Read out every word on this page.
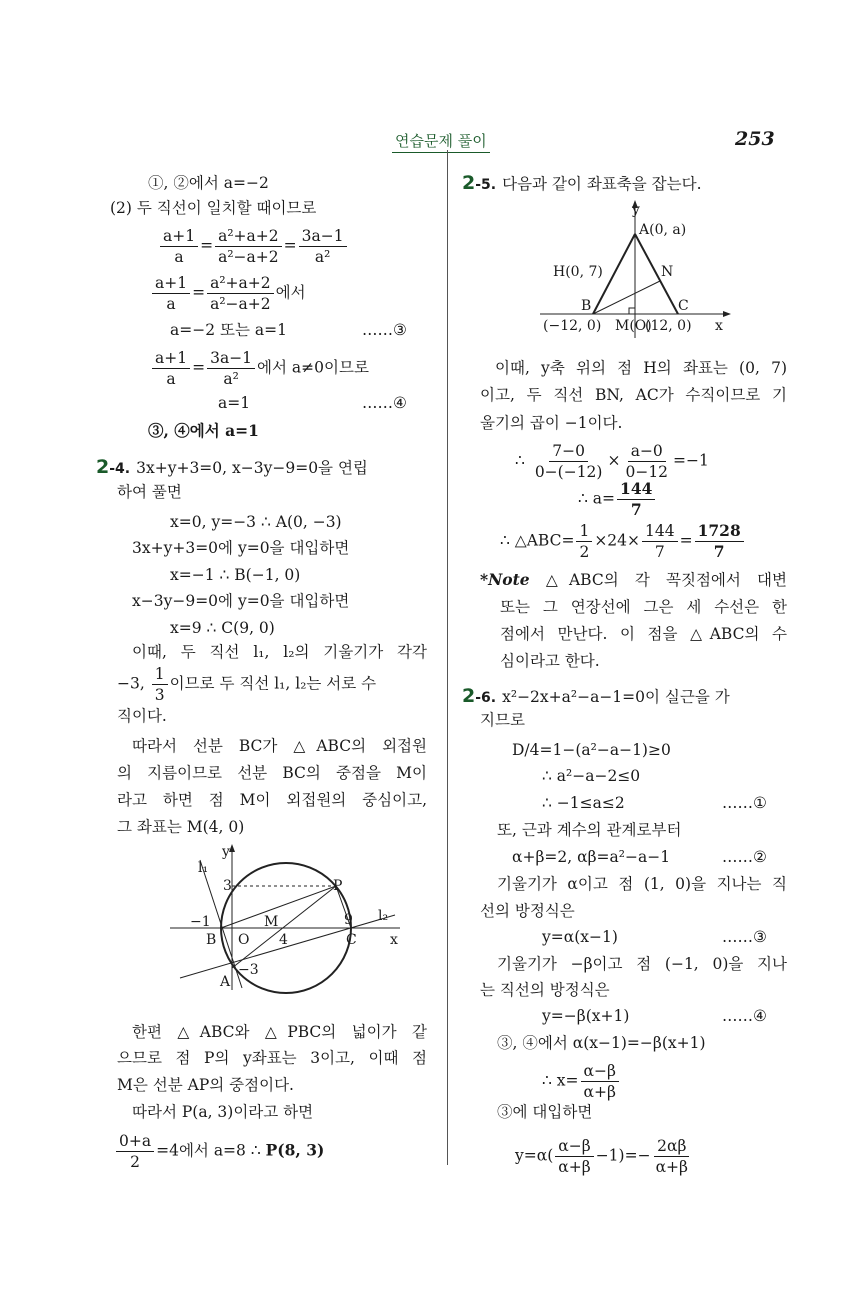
연습문제 풀이	253
①, ②에서 a=−2
(2) 두 직선이 일치할 때이므로
$\frac{a+1}{a} = \frac{\text{a²+a+2}}{\text{a²−a+2}} = \frac{3a-1}{\text{a²}}$
$\frac{a+1}{a} = \frac{\text{a²+a+2}}{\text{a²−a+2}}$ 에서
a=−2 또는 a=1	……③
$\frac{a+1}{a} = \frac{3a-1}{\text{a²}}$ 에서 a≠0이므로
a=1	……④
③, ④에서 a=1
2-4. 3x+y+3=0, x−3y−9=0을 연립
하여 풀면
x=0, y=−3 ∴ A(0, −3)
3x+y+3=0에 y=0을 대입하면
x=−1 ∴ B(−1, 0)
x−3y−9=0에 y=0을 대입하면
x=9 ∴ C(9, 0)
이때, 두 직선 l₁, l₂의 기울기가 각각
−3, $\frac{1}{3}$ 이므로 두 직선 l₁, l₂는 서로 수
직이다.
따라서 선분 BC가 △ABC의 외접원
의 지름이므로 선분 BC의 중점을 M이
라고 하면 점 M이 외접원의 중심이고,
그 좌표는 M(4, 0)
l₁
y
3	P
−1	M	9 l₂
B O 4	C x
−3
A
한편 △ABC와 △PBC의 넓이가 같
으므로 점 P의 y좌표는 3이고, 이때 점
M은 선분 AP의 중점이다.
따라서 P(a, 3)이라고 하면
$\frac{0+a}{2} =4$에서 a=8 ∴ P(8, 3)
2-5. 다음과 같이 좌표축을 잡는다.
y
A(0, a)
H(0, 7)	N
B	C
(−12, 0) M(O)
(12, 0) x
이때, y축 위의 점 H의 좌표는 (0, 7)
이고, 두 직선 BN, AC가 수직이므로 기
울기의 곱이 −1이다.
∴ $\frac{7-0}{0-(-12)} \times \frac{a-0}{0-12} =-1$
∴ $a= \frac{144}{7}$
∴ △ABC= $\frac{1}{2} \times 24\times \frac{144}{7} = \frac{1728}{7}$
*Note △ABC의 각 꼭짓점에서 대변
또는 그 연장선에 그은 세 수선은 한
점에서 만난다. 이 점을 △ABC의 수
심이라고 한다.
2-6. x²−2x+a²−a−1=0이 실근을 가
지므로
D/4=1−(a²−a−1)≥0
∴ a²−a−2≤0
∴ −1≤a≤2	……①
또, 근과 계수의 관계로부터
α+β=2, αβ=a²−a−1	……②
기울기가 α이고 점 (1, 0)을 지나는 직
선의 방정식은
y=α(x−1)	……③
기울기가 −β이고 점 (−1, 0)을 지나
는 직선의 방정식은
y=−β(x+1)	……④
③, ④에서 α(x−1)=−β(x+1)
∴ $x= \frac{\alpha-\beta}{\alpha+\beta}$
③에 대입하면
$y=\alpha( \frac{\alpha-\beta}{\alpha+\beta} -1)=- \frac{2\alpha\beta}{\alpha+\beta}$
